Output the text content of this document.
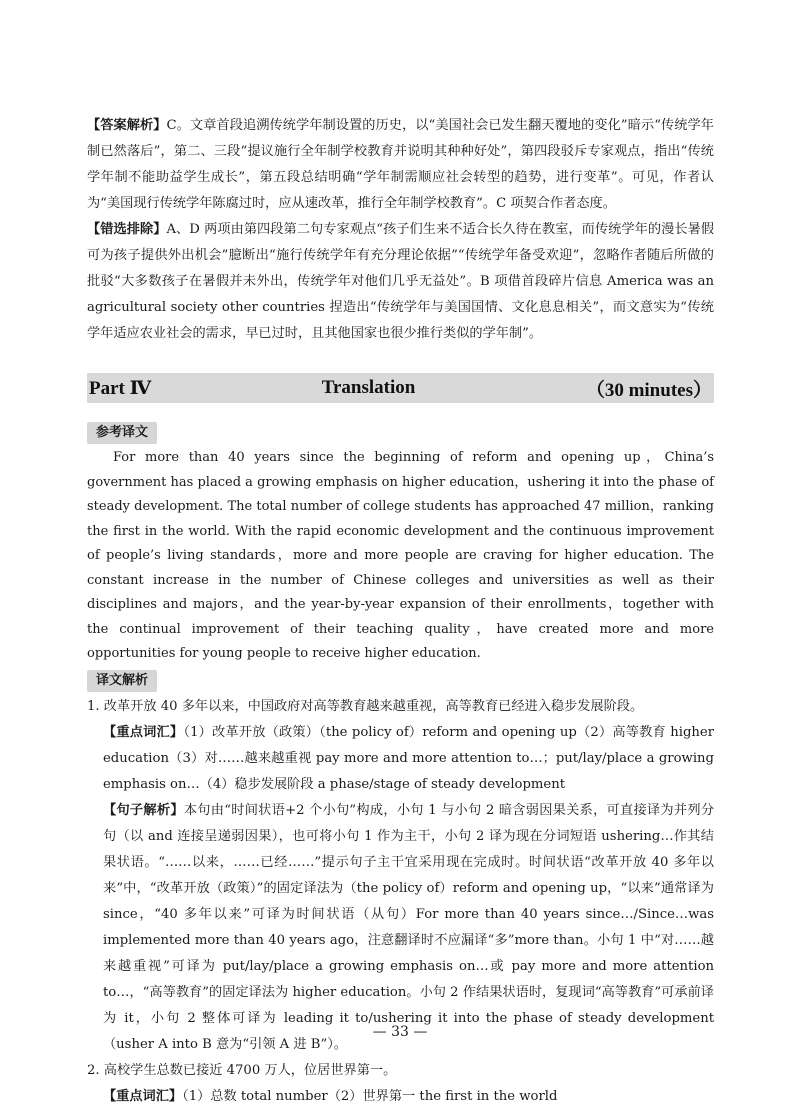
【答案解析】C。文章首段追溯传统学年制设置的历史，以“美国社会已发生翻天覆地的变化”暗示“传统学年制已然落后”，第二、三段“提议施行全年制学校教育并说明其种种好处”，第四段驳斥专家观点，指出“传统学年制不能助益学生成长”，第五段总结明确“学年制需顺应社会转型的趋势，进行变革”。可见，作者认为“美国现行传统学年陈腐过时，应从速改革，推行全年制学校教育”。C 项契合作者态度。

【错选排除】A、D 两项由第四段第二句专家观点“孩子们生来不适合长久待在教室，而传统学年的漫长暑假可为孩子提供外出机会”臆断出“施行传统学年有充分理论依据”“传统学年备受欢迎”，忽略作者随后所做的批驳“大多数孩子在暑假并未外出，传统学年对他们几乎无益处”。B 项借首段碎片信息 America was an agricultural society other countries 捏造出“传统学年与美国国情、文化息息相关”，而文意实为“传统学年适应农业社会的需求，早已过时，且其他国家也很少推行类似的学年制”。

Part Ⅳ	Translation	（30 minutes）
参考译文

For more than 40 years since the beginning of reform and opening up，China’s government has placed a growing emphasis on higher education，ushering it into the phase of steady development. The total number of college students has approached 47 million，ranking the first in the world. With the rapid economic development and the continuous improvement of people’s living standards，more and more people are craving for higher education. The constant increase in the number of Chinese colleges and universities as well as their disciplines and majors，and the year-by-year expansion of their enrollments，together with the continual improvement of their teaching quality，have created more and more opportunities for young people to receive higher education.

译文解析

1. 改革开放 40 多年以来，中国政府对高等教育越来越重视，高等教育已经进入稳步发展阶段。

【重点词汇】（1）改革开放（政策）（the policy of）reform and opening up（2）高等教育 higher education（3）对……越来越重视 pay more and more attention to…；put/lay/place a growing emphasis on…（4）稳步发展阶段 a phase/stage of steady development

【句子解析】本句由“时间状语+2 个小句”构成，小句 1 与小句 2 暗含弱因果关系，可直接译为并列分句（以 and 连接呈递弱因果），也可将小句 1 作为主干，小句 2 译为现在分词短语 ushering…作其结果状语。“……以来，……已经……”提示句子主干宜采用现在完成时。时间状语“改革开放 40 多年以来”中，“改革开放（政策）”的固定译法为（the policy of）reform and opening up，“以来”通常译为 since，“40 多年以来”可译为时间状语（从句）For more than 40 years since…/Since…was implemented more than 40 years ago，注意翻译时不应漏译“多”more than。小句 1 中“对……越来越重视”可译为 put/lay/place a growing emphasis on…或 pay more and more attention to…，“高等教育”的固定译法为 higher education。小句 2 作结果状语时，复现词“高等教育”可承前译为 it，小句 2 整体可译为 leading it to/ushering it into the phase of steady development（usher A into B 意为“引领 A 进 B”）。

2. 高校学生总数已接近 4700 万人，位居世界第一。

【重点词汇】（1）总数 total number（2）世界第一 the first in the world

— 33 —
